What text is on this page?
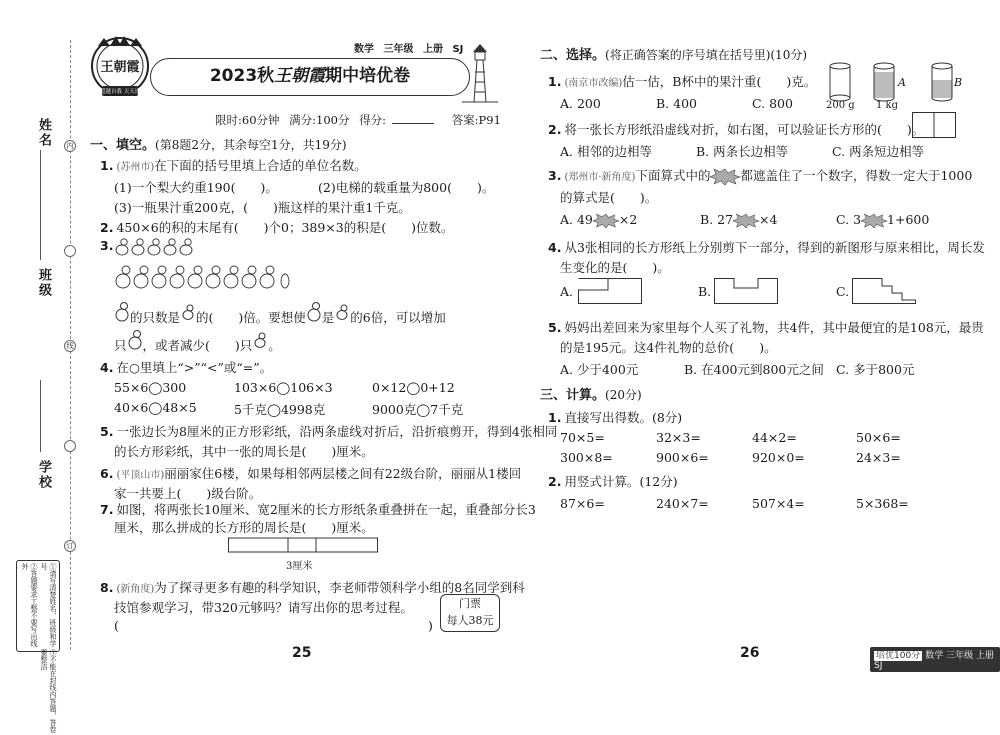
姓名
班级
学校
内
线
订
①请写清楚姓名，班级和学号
②答题要求工整不要写出线外
③不能在封线内答题，答卷要整洁
王朝霞
超越自我 天天进步
数学 三年级 上册 SJ
2023秋王朝霞期中培优卷
限时:60分钟 满分:100分 得分:	答案:P91
一、填空。(第8题2分，其余每空1分，共19分)
1. (苏州市)在下面的括号里填上合适的单位名数。
(1)一个梨大约重190(　　)。	(2)电梯的载重量为800(　　)。
(3)一瓶果汁重200克，(　　)瓶这样的果汁重1千克。
2. 450×6的积的末尾有(　　)个0；389×3的积是(　　)位数。
3.
的只数是 的(　　)倍。要想使 是 的6倍，可以增加
只 ，或者减少(　　)只 。
4. 在○里填上“>”“<”或“=”。
55×6◯300	103×6◯106×3	0×12◯0+12
40×6◯48×5	5千克◯4998克	9000克◯7千克
5. 一张边长为8厘米的正方形彩纸，沿两条虚线对折后，沿折痕剪开，得到4张相同
的长方形彩纸，其中一张的周长是(　　)厘米。
6. (平顶山市)丽丽家住6楼，如果每相邻两层楼之间有22级台阶，丽丽从1楼回
家一共要上(　　)级台阶。
7. 如图，将两张长10厘米、宽2厘米的长方形纸条重叠拼在一起，重叠部分长3
厘米，那么拼成的长方形的周长是(　　)厘米。
3厘米
8. (新角度)为了探寻更多有趣的科学知识，李老师带领科学小组的8名同学到科
技馆参观学习，带320元够吗？请写出你的思考过程。
(	)
门票
每人38元
25
二、选择。(将正确答案的序号填在括号里)(10分)
1. (南京市改编)估一估，B杯中的果汁重(　　)克。
A. 200	B. 400	C. 800	200 g 1 kg
A	B
2. 将一张长方形纸沿虚线对折，如右图，可以验证长方形的(　　)。
A. 相邻的边相等	B. 两条长边相等	C. 两条短边相等
3. (郑州市·新角度)下面算式中的 都遮盖住了一个数字，得数一定大于1000
的算式是(　　)。
A. 49 ×2	B. 27 ×4	C. 3 1+600
4. 从3张相同的长方形纸上分别剪下一部分，得到的新图形与原来相比，周长发
生变化的是(　　)。
A.	B.	C.
5. 妈妈出差回来为家里每个人买了礼物，共4件，其中最便宜的是108元，最贵
的是195元。这4件礼物的总价(　　)。
A. 少于400元	B. 在400元到800元之间 C. 多于800元
三、计算。(20分)
1. 直接写出得数。(8分)
70×5=	32×3=	44×2=	50×6=
300×8=	900×6=	920×0=	24×3=
2. 用竖式计算。(12分)
87×6=	240×7=	507×4=	5×368=
26	培优100分 数学 三年级 上册 SJ
